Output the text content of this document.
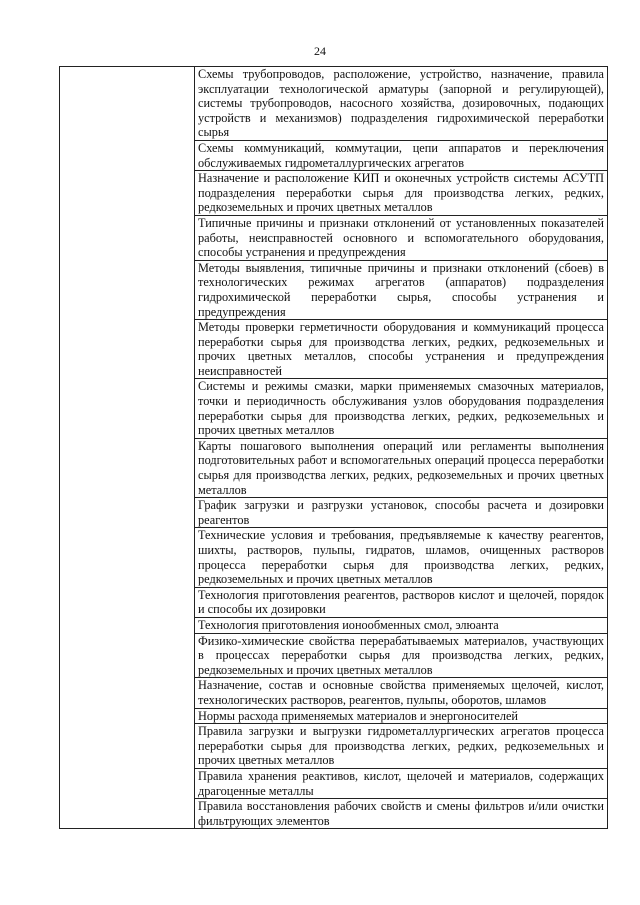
24
	Схемы трубопроводов, расположение, устройство, назначение, правила эксплуатации технологической арматуры (запорной и регулирующей), системы трубопроводов, насосного хозяйства, дозировочных, подающих устройств и механизмов) подразделения гидрохимической переработки сырья
Схемы коммуникаций, коммутации, цепи аппаратов и переключения обслуживаемых гидрометаллургических агрегатов
Назначение и расположение КИП и оконечных устройств системы АСУТП подразделения переработки сырья для производства легких, редких, редкоземельных и прочих цветных металлов
Типичные причины и признаки отклонений от установленных показателей работы, неисправностей основного и вспомогательного оборудования, способы устранения и предупреждения
Методы выявления, типичные причины и признаки отклонений (сбоев) в технологических режимах агрегатов (аппаратов) подразделения гидрохимической переработки сырья, способы устранения и предупреждения
Методы проверки герметичности оборудования и коммуникаций процесса переработки сырья для производства легких, редких, редкоземельных и прочих цветных металлов, способы устранения и предупреждения неисправностей
Системы и режимы смазки, марки применяемых смазочных материалов, точки и периодичность обслуживания узлов оборудования подразделения переработки сырья для производства легких, редких, редкоземельных и прочих цветных металлов
Карты пошагового выполнения операций или регламенты выполнения подготовительных работ и вспомогательных операций процесса переработки сырья для производства легких, редких, редкоземельных и прочих цветных металлов
График загрузки и разгрузки установок, способы расчета и дозировки реагентов
Технические условия и требования, предъявляемые к качеству реагентов, шихты, растворов, пульпы, гидратов, шламов, очищенных растворов процесса переработки сырья для производства легких, редких, редкоземельных и прочих цветных металлов
Технология приготовления реагентов, растворов кислот и щелочей, порядок и способы их дозировки
Технология приготовления ионообменных смол, элюанта
Физико-химические свойства перерабатываемых материалов, участвующих в процессах переработки сырья для производства легких, редких, редкоземельных и прочих цветных металлов
Назначение, состав и основные свойства применяемых щелочей, кислот, технологических растворов, реагентов, пульпы, оборотов, шламов
Нормы расхода применяемых материалов и энергоносителей
Правила загрузки и выгрузки гидрометаллургических агрегатов процесса переработки сырья для производства легких, редких, редкоземельных и прочих цветных металлов
Правила хранения реактивов, кислот, щелочей и материалов, содержащих драгоценные металлы
Правила восстановления рабочих свойств и смены фильтров и/или очистки фильтрующих элементов
